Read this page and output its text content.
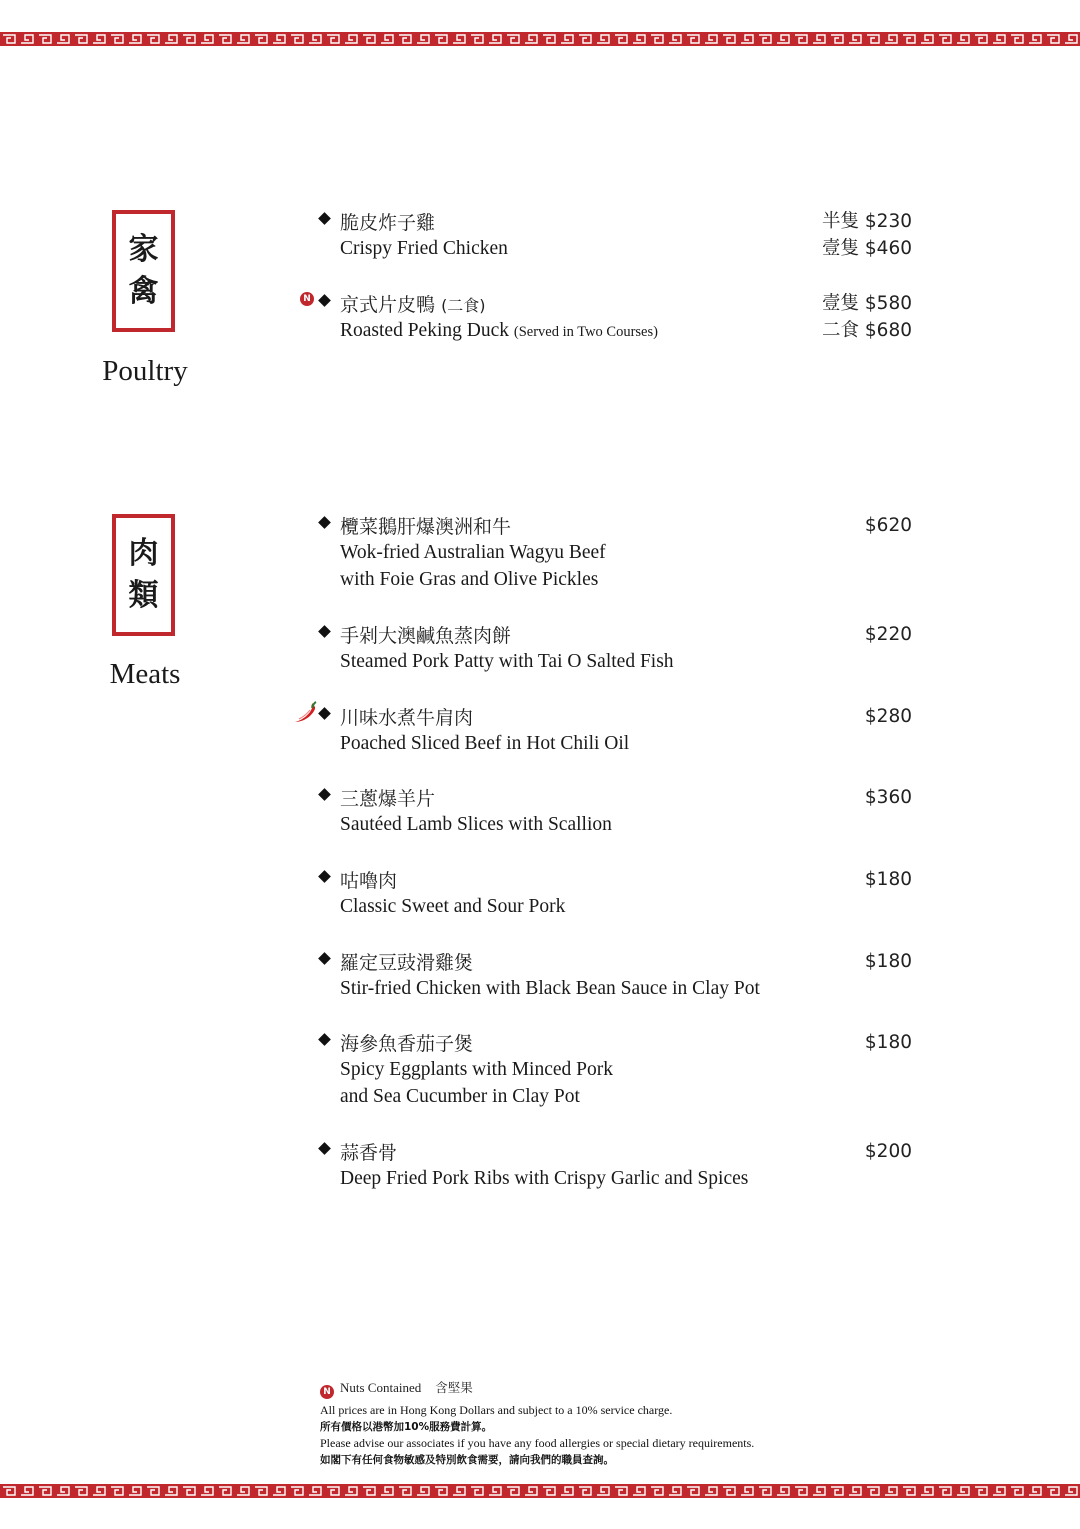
家
禽
Poultry
脆皮炸子雞
Crispy Fried Chicken
半隻 $230
壹隻 $460
N 京式片皮鴨 (二食)
Roasted Peking Duck (Served in Two Courses)
壹隻 $580
二食 $680
肉
類
Meats
欖菜鵝肝爆澳洲和牛
Wok-fried Australian Wagyu Beef
with Foie Gras and Olive Pickles
$620
手剁大澳鹹魚蒸肉餅
Steamed Pork Patty with Tai O Salted Fish
$220
川味水煮牛肩肉
Poached Sliced Beef in Hot Chili Oil
$280
三蔥爆羊片
Sautéed Lamb Slices with Scallion
$360
咕嚕肉
Classic Sweet and Sour Pork
$180
羅定豆豉滑雞煲
Stir-fried Chicken with Black Bean Sauce in Clay Pot
$180
海參魚香茄子煲
Spicy Eggplants with Minced Pork
and Sea Cucumber in Clay Pot
$180
蒜香骨
Deep Fried Pork Ribs with Crispy Garlic and Spices
$200
N Nuts Contained 含堅果
All prices are in Hong Kong Dollars and subject to a 10% service charge.
所有價格以港幣加10%服務費計算。
Please advise our associates if you have any food allergies or special dietary requirements.
如閣下有任何食物敏感及特別飲食需要，請向我們的職員查詢。
